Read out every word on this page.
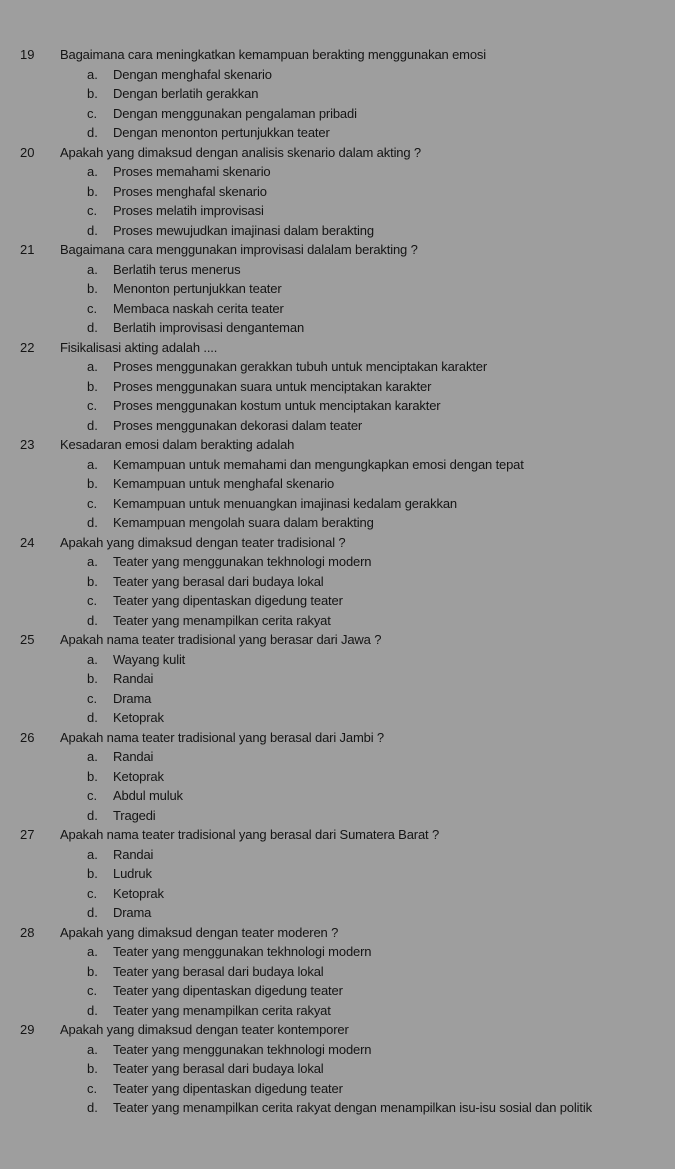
19	Bagaimana cara meningkatkan kemampuan berakting menggunakan emosi
a.	Dengan menghafal skenario
b.	Dengan berlatih gerakkan
c.	Dengan menggunakan pengalaman pribadi
d.	Dengan menonton pertunjukkan teater
20	Apakah yang dimaksud dengan analisis skenario dalam akting ?
a.	Proses memahami skenario
b.	Proses menghafal skenario
c.	Proses melatih improvisasi
d.	Proses mewujudkan imajinasi dalam berakting
21	Bagaimana cara menggunakan improvisasi dalalam berakting ?
a.	Berlatih terus menerus
b.	Menonton pertunjukkan teater
c.	Membaca naskah cerita teater
d.	Berlatih improvisasi denganteman
22	Fisikalisasi akting adalah ....
a.	Proses menggunakan gerakkan tubuh untuk menciptakan karakter
b.	Proses menggunakan suara untuk menciptakan karakter
c.	Proses menggunakan kostum untuk menciptakan karakter
d.	Proses menggunakan dekorasi dalam teater
23	Kesadaran emosi dalam berakting adalah
a.	Kemampuan untuk memahami dan mengungkapkan emosi dengan tepat
b.	Kemampuan untuk menghafal skenario
c.	Kemampuan untuk menuangkan imajinasi kedalam gerakkan
d.	Kemampuan mengolah suara dalam berakting
24	Apakah yang dimaksud dengan teater tradisional ?
a.	Teater yang menggunakan tekhnologi modern
b.	Teater yang berasal dari budaya lokal
c.	Teater yang dipentaskan digedung teater
d.	Teater yang menampilkan cerita rakyat
25	Apakah nama teater tradisional yang berasar dari Jawa ?
a.	Wayang kulit
b.	Randai
c.	Drama
d.	Ketoprak
26	Apakah nama teater tradisional yang berasal dari Jambi ?
a.	Randai
b.	Ketoprak
c.	Abdul muluk
d.	Tragedi
27	Apakah nama teater tradisional yang berasal dari Sumatera Barat ?
a.	Randai
b.	Ludruk
c.	Ketoprak
d.	Drama
28	Apakah yang dimaksud dengan teater moderen ?
a.	Teater yang menggunakan tekhnologi modern
b.	Teater yang berasal dari budaya lokal
c.	Teater yang dipentaskan digedung teater
d.	Teater yang menampilkan cerita rakyat
29	Apakah yang dimaksud dengan teater kontemporer
a.	Teater yang menggunakan tekhnologi modern
b.	Teater yang berasal dari budaya lokal
c.	Teater yang dipentaskan digedung teater
d.	Teater yang menampilkan cerita rakyat dengan menampilkan isu-isu sosial dan politik
